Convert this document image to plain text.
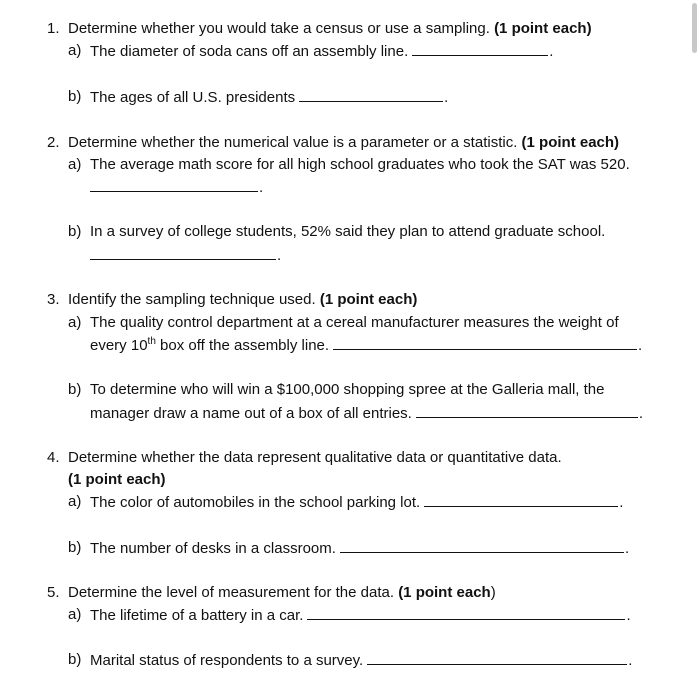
1. Determine whether you would take a census or use a sampling. (1 point each)
a) The diameter of soda cans off an assembly line.	.
b) The ages of all U.S. presidents	.
2. Determine whether the numerical value is a parameter or a statistic. (1 point each)
a) The average math score for all high school graduates who took the SAT was 520.
.
b) In a survey of college students, 52% said they plan to attend graduate school.
.
3. Identify the sampling technique used. (1 point each)
a) The quality control department at a cereal manufacturer measures the weight of
every 10th box off the assembly line.	.
b) To determine who will win a $100,000 shopping spree at the Galleria mall, the
manager draw a name out of a box of all entries.	.
4. Determine whether the data represent qualitative data or quantitative data.
(1 point each)
a) The color of automobiles in the school parking lot.	.
b) The number of desks in a classroom.	.
5. Determine the level of measurement for the data. (1 point each)
a) The lifetime of a battery in a car.	.
b) Marital status of respondents to a survey.	.
